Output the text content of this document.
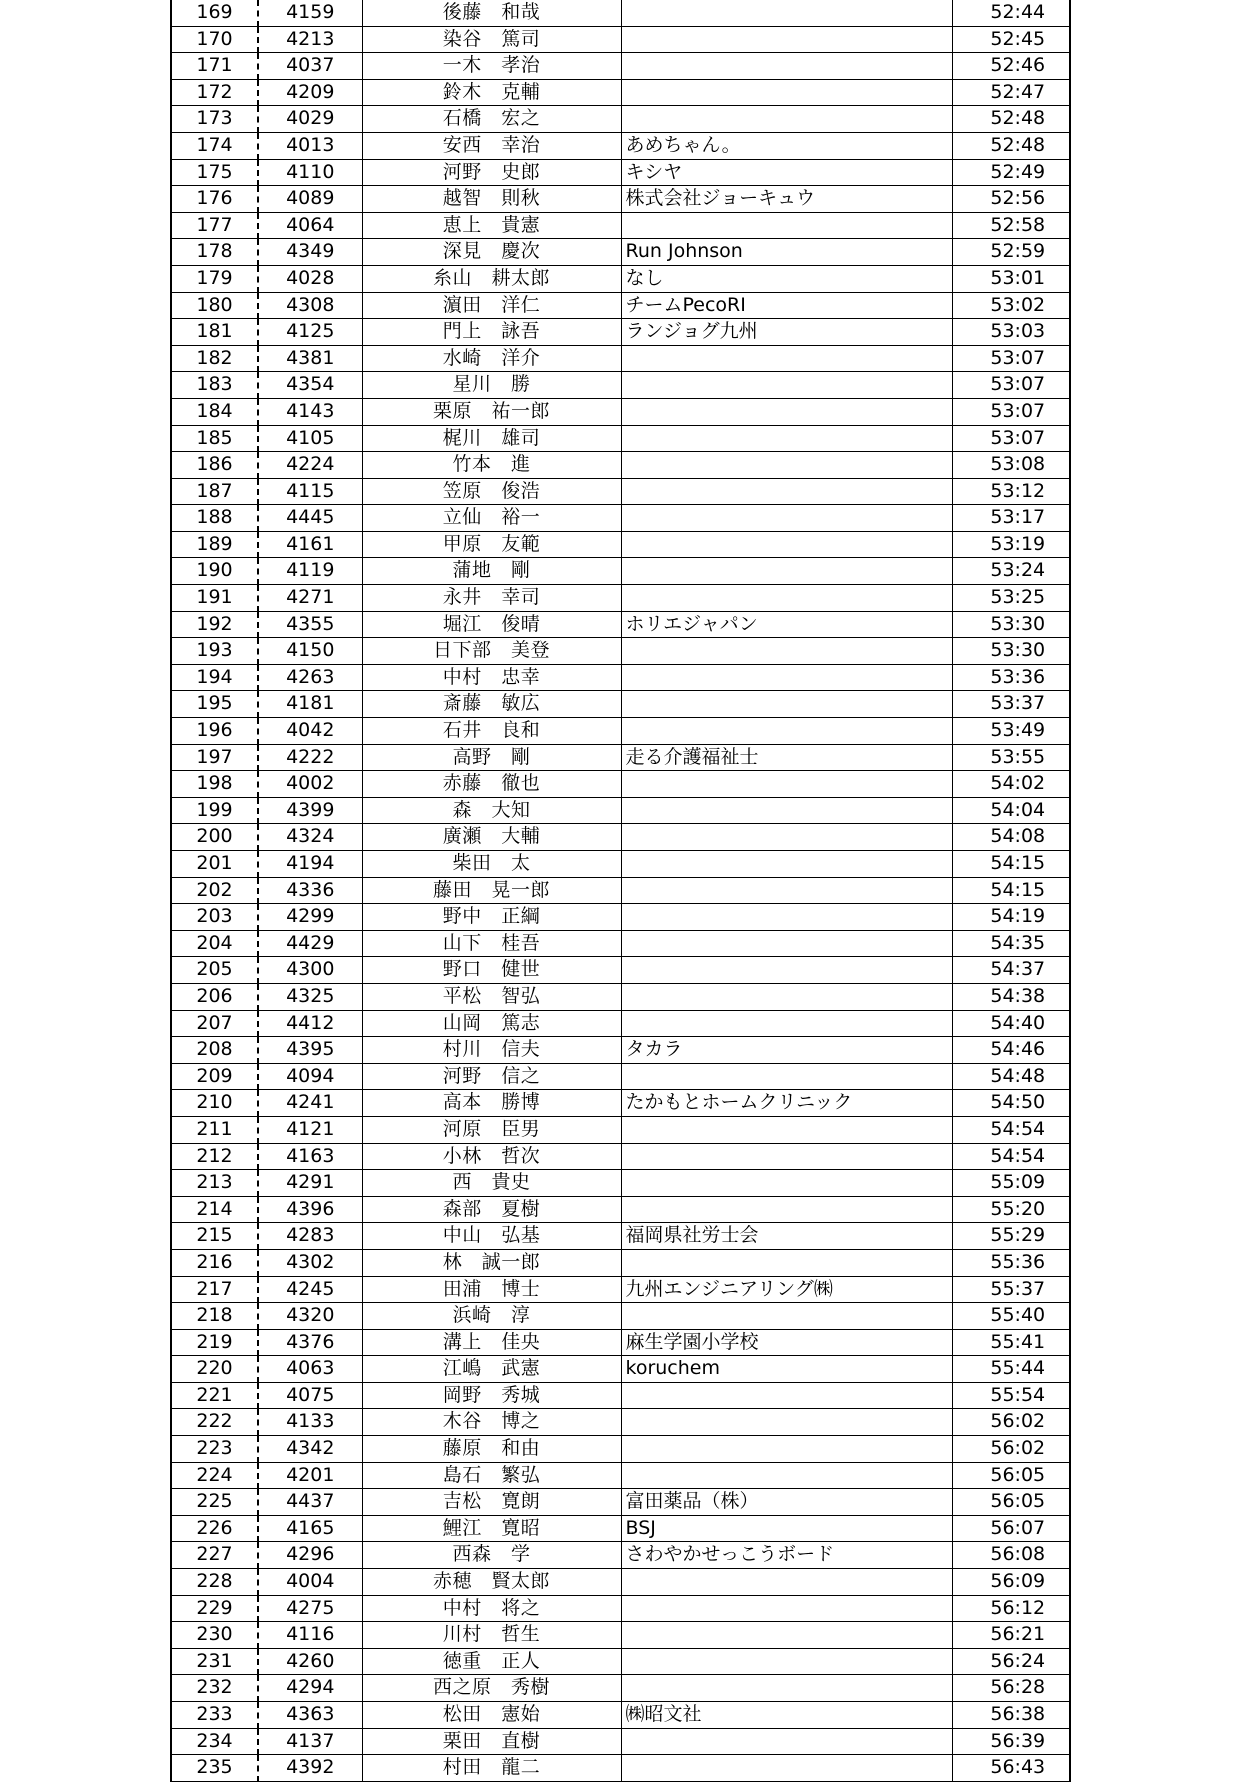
169	4159	後藤　和哉		52:44
170	4213	染谷　篤司		52:45
171	4037	一木　孝治		52:46
172	4209	鈴木　克輔		52:47
173	4029	石橋　宏之		52:48
174	4013	安西　幸治	あめちゃん。	52:48
175	4110	河野　史郎	キシヤ	52:49
176	4089	越智　則秋	株式会社ジョーキュウ	52:56
177	4064	恵上　貴憲		52:58
178	4349	深見　慶次	Run Johnson	52:59
179	4028	糸山　耕太郎	なし	53:01
180	4308	濵田　洋仁	チームPecoRI	53:02
181	4125	門上　詠吾	ランジョグ九州	53:03
182	4381	水崎　洋介		53:07
183	4354	星川　勝		53:07
184	4143	栗原　祐一郎		53:07
185	4105	梶川　雄司		53:07
186	4224	竹本　進		53:08
187	4115	笠原　俊浩		53:12
188	4445	立仙　裕一		53:17
189	4161	甲原　友範		53:19
190	4119	蒲地　剛		53:24
191	4271	永井　幸司		53:25
192	4355	堀江　俊晴	ホリエジャパン	53:30
193	4150	日下部　美登		53:30
194	4263	中村　忠幸		53:36
195	4181	斎藤　敏広		53:37
196	4042	石井　良和		53:49
197	4222	高野　剛	走る介護福祉士	53:55
198	4002	赤藤　徹也		54:02
199	4399	森　大知		54:04
200	4324	廣瀬　大輔		54:08
201	4194	柴田　太		54:15
202	4336	藤田　晃一郎		54:15
203	4299	野中　正綱		54:19
204	4429	山下　桂吾		54:35
205	4300	野口　健世		54:37
206	4325	平松　智弘		54:38
207	4412	山岡　篤志		54:40
208	4395	村川　信夫	タカラ	54:46
209	4094	河野　信之		54:48
210	4241	高本　勝博	たかもとホームクリニック	54:50
211	4121	河原　臣男		54:54
212	4163	小林　哲次		54:54
213	4291	西　貴史		55:09
214	4396	森部　夏樹		55:20
215	4283	中山　弘基	福岡県社労士会	55:29
216	4302	林　誠一郎		55:36
217	4245	田浦　博士	九州エンジニアリング㈱	55:37
218	4320	浜崎　淳		55:40
219	4376	溝上　佳央	麻生学園小学校	55:41
220	4063	江嶋　武憲	koruchem	55:44
221	4075	岡野　秀城		55:54
222	4133	木谷　博之		56:02
223	4342	藤原　和由		56:02
224	4201	島石　繁弘		56:05
225	4437	吉松　寛朗	富田薬品（株）	56:05
226	4165	鯉江　寛昭	BSJ	56:07
227	4296	西森　学	さわやかせっこうボード	56:08
228	4004	赤穂　賢太郎		56:09
229	4275	中村　将之		56:12
230	4116	川村　哲生		56:21
231	4260	徳重　正人		56:24
232	4294	西之原　秀樹		56:28
233	4363	松田　憲始	㈱昭文社	56:38
234	4137	栗田　直樹		56:39
235	4392	村田　龍二		56:43
